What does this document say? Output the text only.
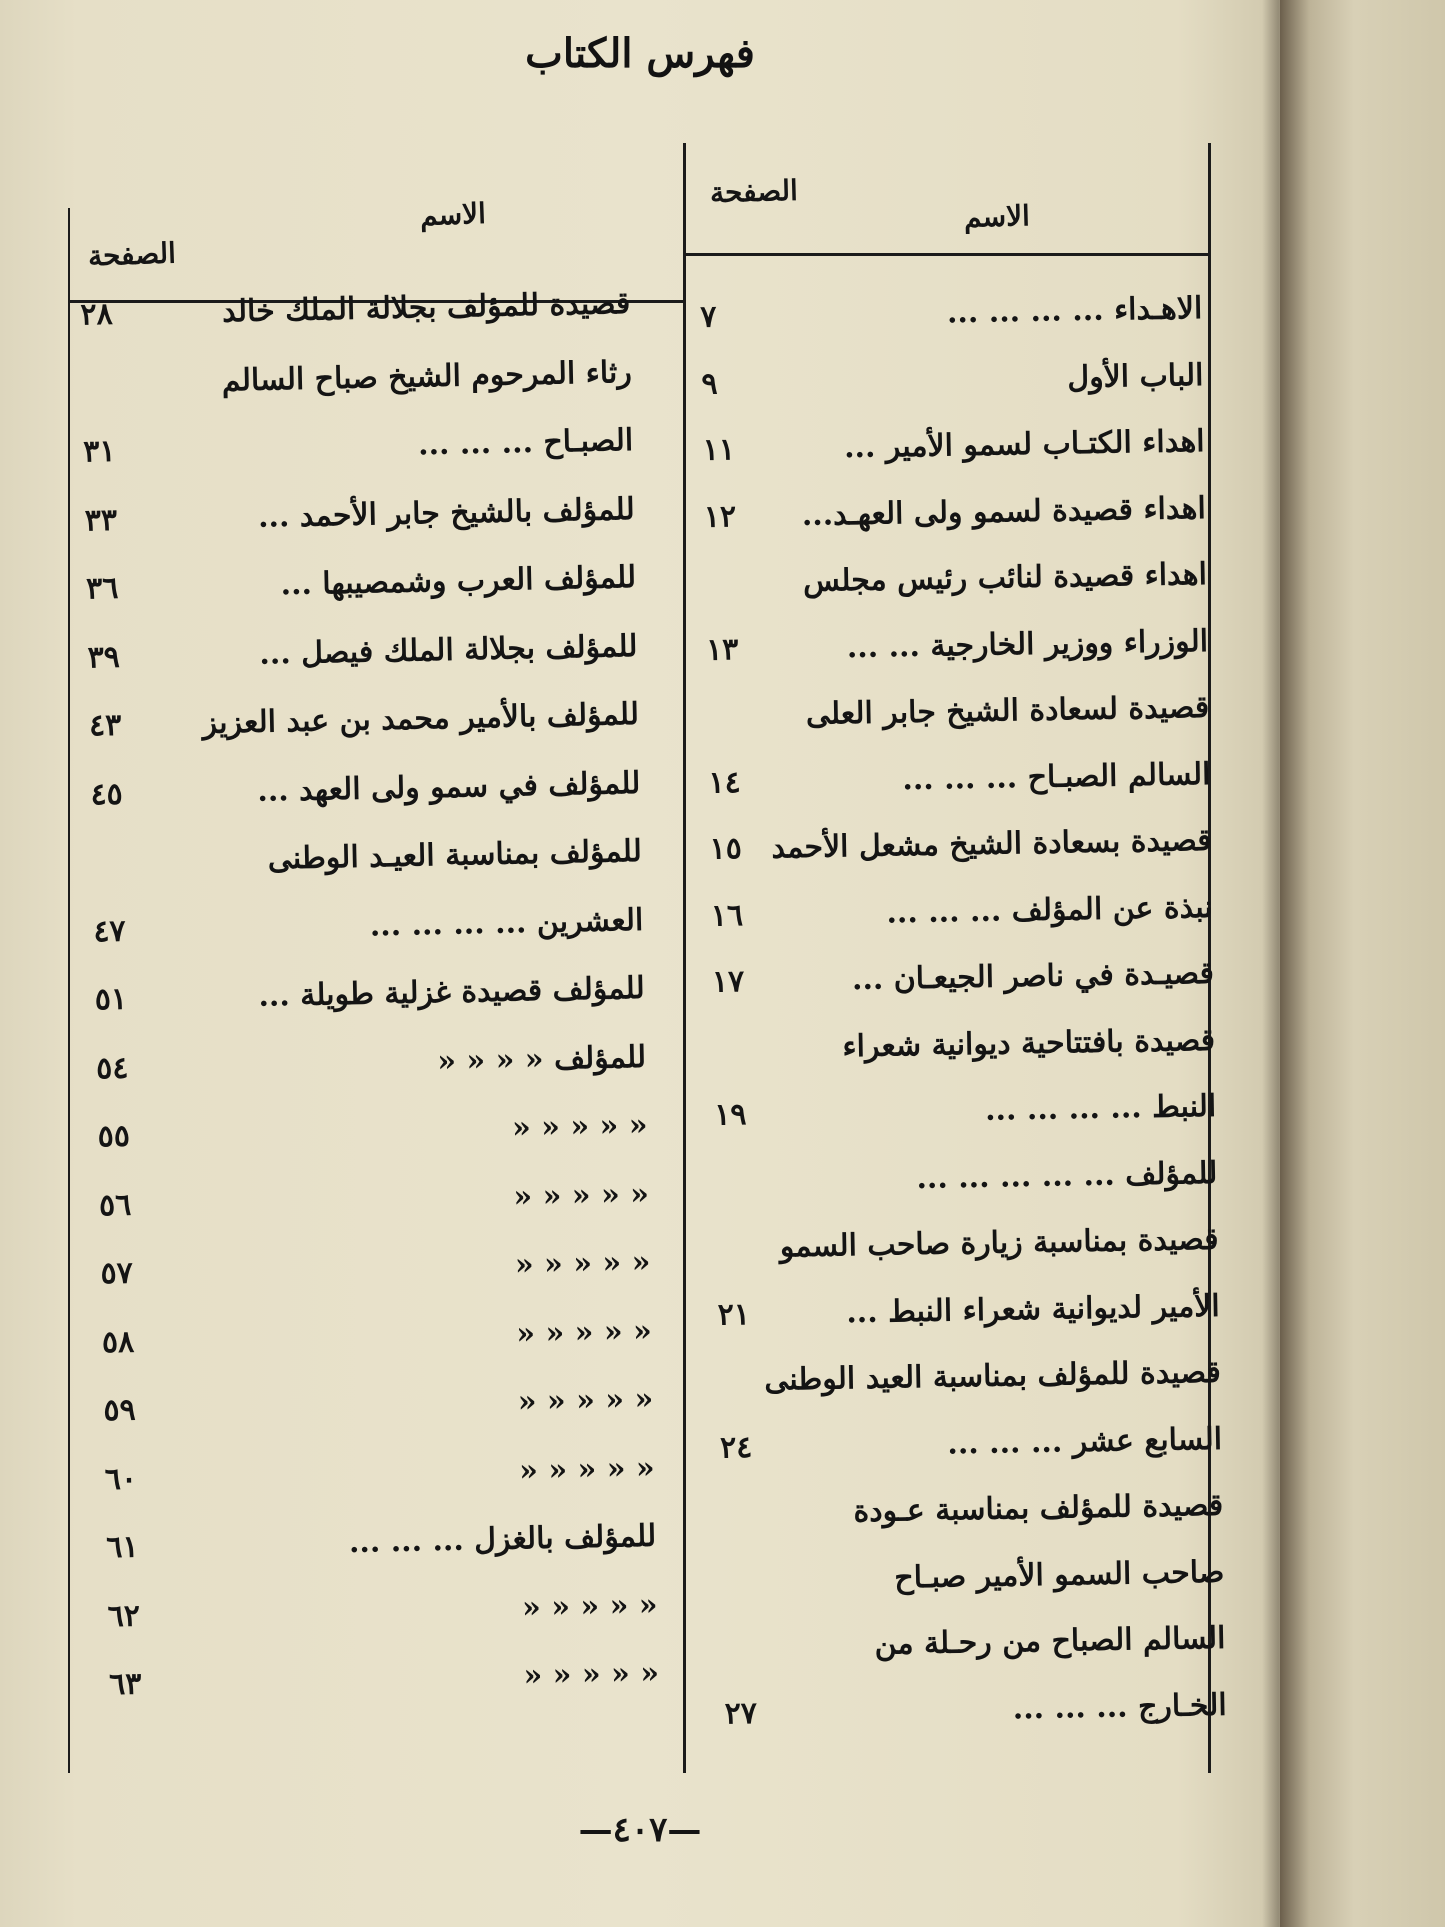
فهرس الكتاب
الاسم
الصفحة
الاسم
الصفحة
الاهـداء ... ... ... ...
٧
الباب الأول
٩
اهداء الكتـاب لسمو الأمير ...
١١
اهداء قصيدة لسمو ولى العهـد...
١٢
اهداء قصيدة لنائب رئيس مجلس
الوزراء ووزير الخارجية ... ...
١٣
قصيدة لسعادة الشيخ جابر العلى
السالم الصبـاح ... ... ...
١٤
قصيدة بسعادة الشيخ مشعل الأحمد
١٥
نبذة عن المؤلف ... ... ...
١٦
قصيـدة في ناصر الجيعـان ...
١٧
قصيدة بافتتاحية ديوانية شعراء
النبط ... ... ... ...
١٩
للمؤلف ... ... ... ... ...
قصيدة بمناسبة زيارة صاحب السمو
الأمير لديوانية شعراء النبط ...
٢١
قصيدة للمؤلف بمناسبة العيد الوطنى
السابع عشر ... ... ...
٢٤
قصيدة للمؤلف بمناسبة عـودة
صاحب السمو الأمير صبـاح
السالم الصباح من رحـلة من
الخـارج ... ... ...
٢٧
قصيدة للمؤلف بجلالة الملك خالد
٢٨
رثاء المرحوم الشيخ صباح السالم
الصبـاح ... ... ...
٣١
للمؤلف بالشيخ جابر الأحمد ...
٣٣
للمؤلف العرب وشمصيبها ...
٣٦
للمؤلف بجلالة الملك فيصل ...
٣٩
للمؤلف بالأمير محمد بن عبد العزيز
٤٣
للمؤلف في سمو ولى العهد ...
٤٥
للمؤلف بمناسبة العيـد الوطنى
العشرين ... ... ... ...
٤٧
للمؤلف قصيدة غزلية طويلة ...
٥١
للمؤلف « « « «
٥٤
« « « « «
٥٥
« « « « «
٥٦
« « « « «
٥٧
« « « « «
٥٨
« « « « «
٥٩
« « « « «
٦٠
للمؤلف بالغزل ... ... ...
٦١
« « « « «
٦٢
« « « « «
٦٣
—٤٠٧—
